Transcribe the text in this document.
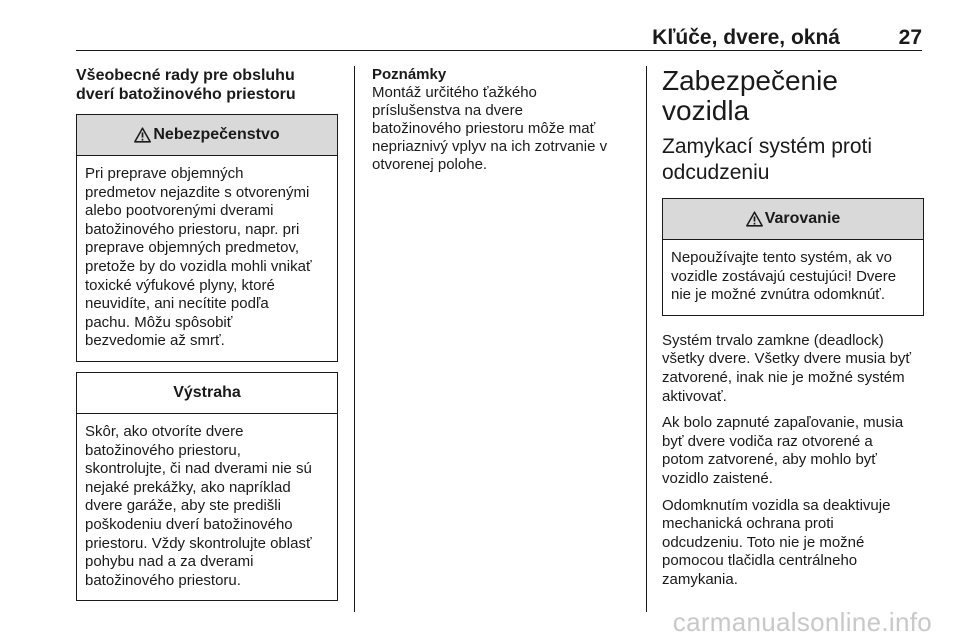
Kľúče, dvere, okná	27
Všeobecné rady pre obsluhu
dverí batožinového priestoru
Nebezpečenstvo
Pri preprave objemných
predmetov nejazdite s otvorenými
alebo pootvorenými dverami
batožinového priestoru, napr. pri
preprave objemných predmetov,
pretože by do vozidla mohli vnikať
toxické výfukové plyny, ktoré
neuvidíte, ani necítite podľa
pachu. Môžu spôsobiť
bezvedomie až smrť.
Výstraha
Skôr, ako otvoríte dvere
batožinového priestoru,
skontrolujte, či nad dverami nie sú
nejaké prekážky, ako napríklad
dvere garáže, aby ste predišli
poškodeniu dverí batožinového
priestoru. Vždy skontrolujte oblasť
pohybu nad a za dverami
batožinového priestoru.
Poznámky
Montáž určitého ťažkého
príslušenstva na dvere
batožinového priestoru môže mať
nepriaznivý vplyv na ich zotrvanie v
otvorenej polohe.
Zabezpečenie vozidla
Zamykací systém proti
odcudzeniu
Varovanie
Nepoužívajte tento systém, ak vo
vozidle zostávajú cestujúci! Dvere
nie je možné zvnútra odomknúť.
Systém trvalo zamkne (deadlock)
všetky dvere. Všetky dvere musia byť
zatvorené, inak nie je možné systém
aktivovať.
Ak bolo zapnuté zapaľovanie, musia
byť dvere vodiča raz otvorené a
potom zatvorené, aby mohlo byť
vozidlo zaistené.
Odomknutím vozidla sa deaktivuje
mechanická ochrana proti
odcudzeniu. Toto nie je možné
pomocou tlačidla centrálneho
zamykania.
carmanualsonline.info
